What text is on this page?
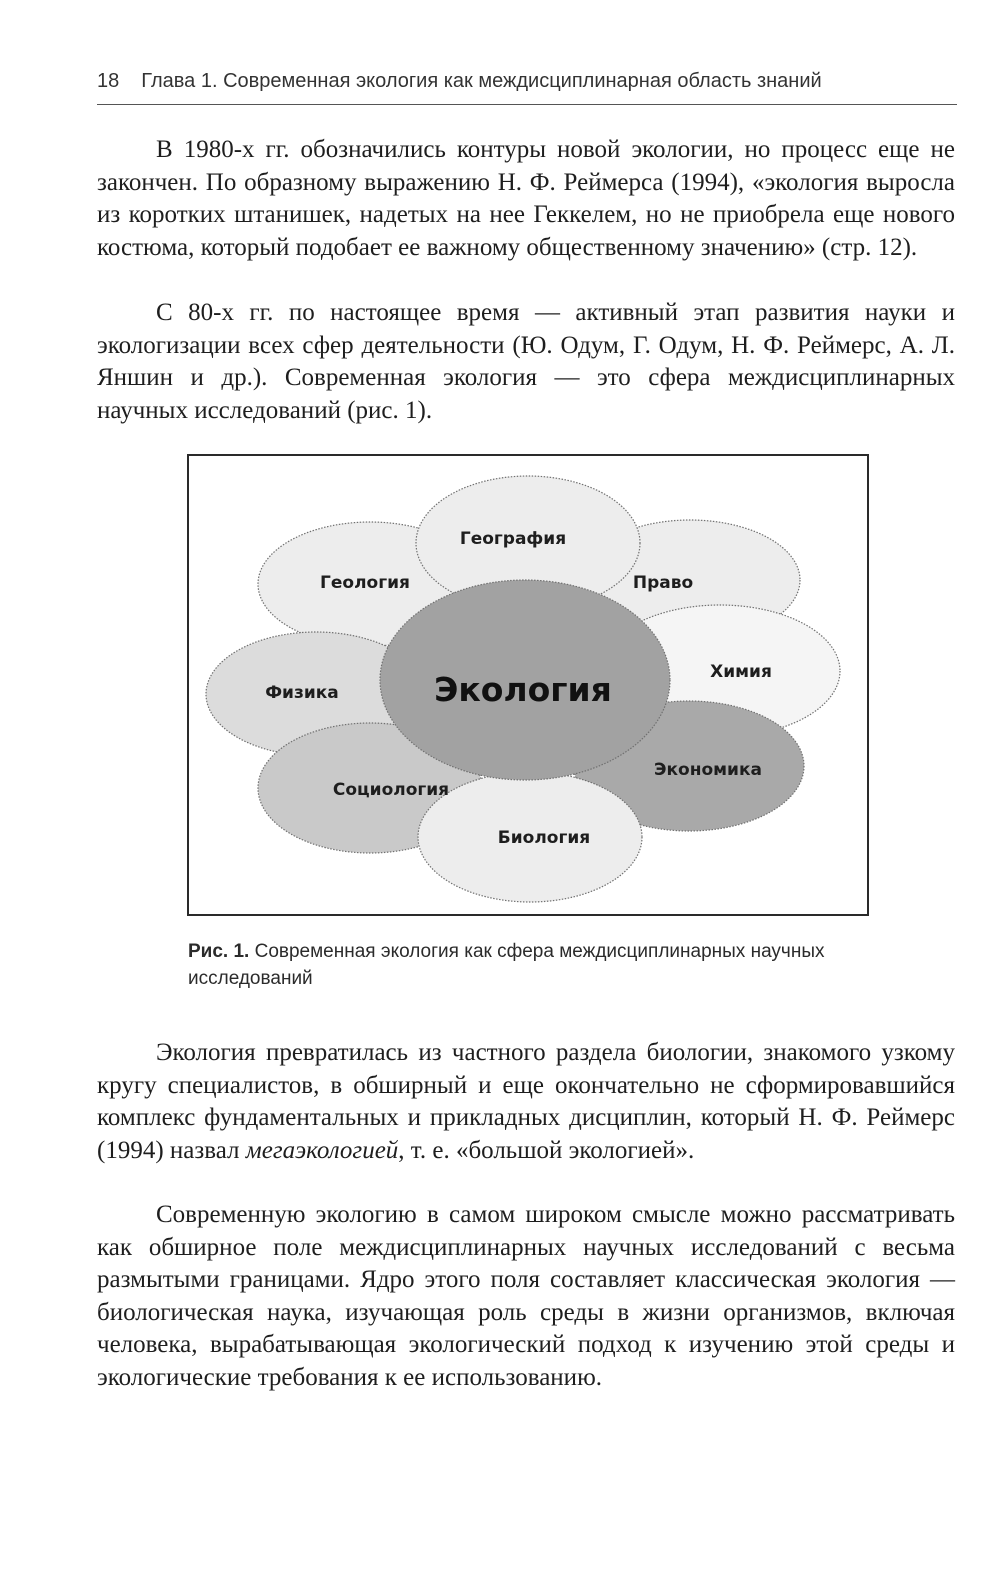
18 Глава 1. Современная экология как междисциплинарная область знаний

В 1980-х гг. обозначились контуры новой экологии, но процесс еще не закончен. По образному выражению Н. Ф. Реймерса (1994), «экология выросла из коротких штанишек, надетых на нее Геккелем, но не приобрела еще нового костюма, который подобает ее важному общественному значению» (стр. 12).

С 80-х гг. по настоящее время — активный этап развития науки и экологизации всех сфер деятельности (Ю. Одум, Г. Одум, Н. Ф. Реймерс, А. Л. Яншин и др.). Современная экология — это сфера междисциплинарных научных исследований (рис. 1).

География
Геология	Право
Химия
Физика
Экономика
Социология
Биология
Экология
Рис. 1. Современная экология как сфера междисциплинарных научных исследований

Экология превратилась из частного раздела биологии, знакомого узкому кругу специалистов, в обширный и еще окончательно не сформировавшийся комплекс фундаментальных и прикладных дисциплин, который Н. Ф. Реймерс (1994) назвал мегаэкологией, т. е. «большой экологией».

Современную экологию в самом широком смысле можно рассматривать как обширное поле междисциплинарных научных исследований с весьма размытыми границами. Ядро этого поля составляет классическая экология — биологическая наука, изучающая роль среды в жизни организмов, включая человека, вырабатывающая экологический подход к изучению этой среды и экологические требования к ее использованию.
